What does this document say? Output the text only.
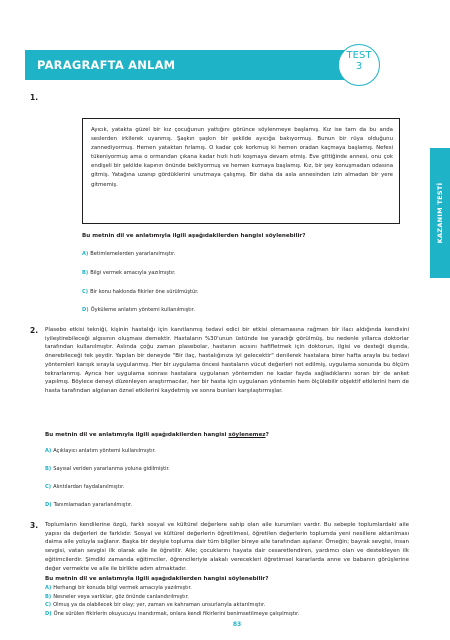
PARAGRAFTA ANLAM
TEST
3
KAZANIM TESTİ
1.
Ayıcık, yatakta güzel bir kız çocuğunun yattığını görünce söylenmeye başlamış. Kız ise tam da bu anda seslerden irkilerek uyanmış. Şaşkın şaşkın bir şekilde ayıcığa bakıyormuş. Bunun bir rüya olduğunu zannediyormuş. Hemen yataktan fırlamış. O kadar çok korkmuş ki hemen oradan kaçmaya başlamış. Nefesi tükeniyormuş ama o ormandan çıkana kadar hızlı hızlı koşmaya devam etmiş. Eve gittiğinde annesi, onu çok endişeli bir şekilde kapının önünde bekliyormuş ve hemen kızmaya başlamış. Kız, bir şey konuşmadan odasına gitmiş. Yatağına uzanıp gördüklerini unutmaya çalışmış. Bir daha da asla annesinden izin almadan bir yere gitmemiş.
Bu metnin dil ve anlatımıyla ilgili aşağıdakilerden hangisi söylenebilir?
A) Betimlemelerden yararlanılmıştır.
B) Bilgi vermek amacıyla yazılmıştır.
C) Bir konu hakkında fikirler öne sürülmüştür.
D) Öyküleme anlatım yöntemi kullanılmıştır.
2. Plasebo etkisi tekniği, kişinin hastalığı için kanıtlanmış tedavi edici bir etkisi olmamasına rağmen bir ilacı aldığında kendisini iyileştirebileceği algısının oluşması demektir. Hastaların %30'unun üstünde ise yaradığı görülmüş, bu nedenle yıllarca doktorlar tarafından kullanılmıştır. Aslında çoğu zaman plasebolar, hastanın acısını hafifletmek için doktorun, ilgisi ve desteği dışında, önerebileceği tek şeydir. Yapılan bir deneyde "Bir ilaç, hastalığınıza iyi gelecektir" denilerek hastalara birer hafta arayla bu tedavi yöntemleri karışık sırayla uygulanmış. Her bir uygulama öncesi hastaların vücut değerleri not edilmiş, uygulama sonunda bu ölçüm tekrarlanmış. Ayrıca her uygulama sonrası hastalara uygulanan yöntemden ne kadar fayda sağladıklarını soran bir de anket yapılmış. Böylece deneyi düzenleyen araştırmacılar, her bir hasta için uygulanan yöntemin hem ölçülebilir objektif etkilerini hem de hasta tarafından algılanan öznel etkilerini kaydetmiş ve sonra bunları karşılaştırmışlar.
Bu metnin dil ve anlatımıyla ilgili aşağıdakilerden hangisi söylenemez?
A) Açıklayıcı anlatım yöntemi kullanılmıştır.
B) Sayısal veriden yararlanma yoluna gidilmiştir.
C) Alıntılardan faydalanılmıştır.
D) Tanımlamadan yararlanılmıştır.
3. Toplumların kendilerine özgü, farklı sosyal ve kültürel değerlere sahip olan aile kurumları vardır. Bu sebeple toplumlardaki aile yapısı da değerleri de farklıdır. Sosyal ve kültürel değerlerin öğretilmesi, öğretilen değerlerin toplumda yeni nesillere aktarılması daima aile yoluyla sağlanır. Başka bir deyişle topluma dair tüm bilgiler bireye aile tarafından aşılanır. Örneğin; bayrak sevgisi, insan sevgisi, vatan sevgisi ilk olarak aile ile öğretilir. Aile; çocuklarını hayata dair cesaretlendiren, yardımcı olan ve destekleyen ilk eğitimcilerdir. Şimdiki zamanda eğitimciler, öğrencileriyle alakalı verecekleri öğretimsel kararlarda anne ve babanın görüşlerine değer vermekte ve aile ile birlikte adım atmaktadır.
Bu metnin dil ve anlatımıyla ilgili aşağıdakilerden hangisi söylenebilir?
A) Herhangi bir konuda bilgi vermek amacıyla yazılmıştır.
B) Nesneler veya varlıklar, göz önünde canlandırılmıştır.
C) Olmuş ya da olabilecek bir olay; yer, zaman ve kahraman unsurlarıyla aktarılmıştır.
83
D) Öne sürülen fikirlerin okuyucuyu inandırmak, onlara kendi fikirlerini benimsetilmeye çalışılmıştır.
